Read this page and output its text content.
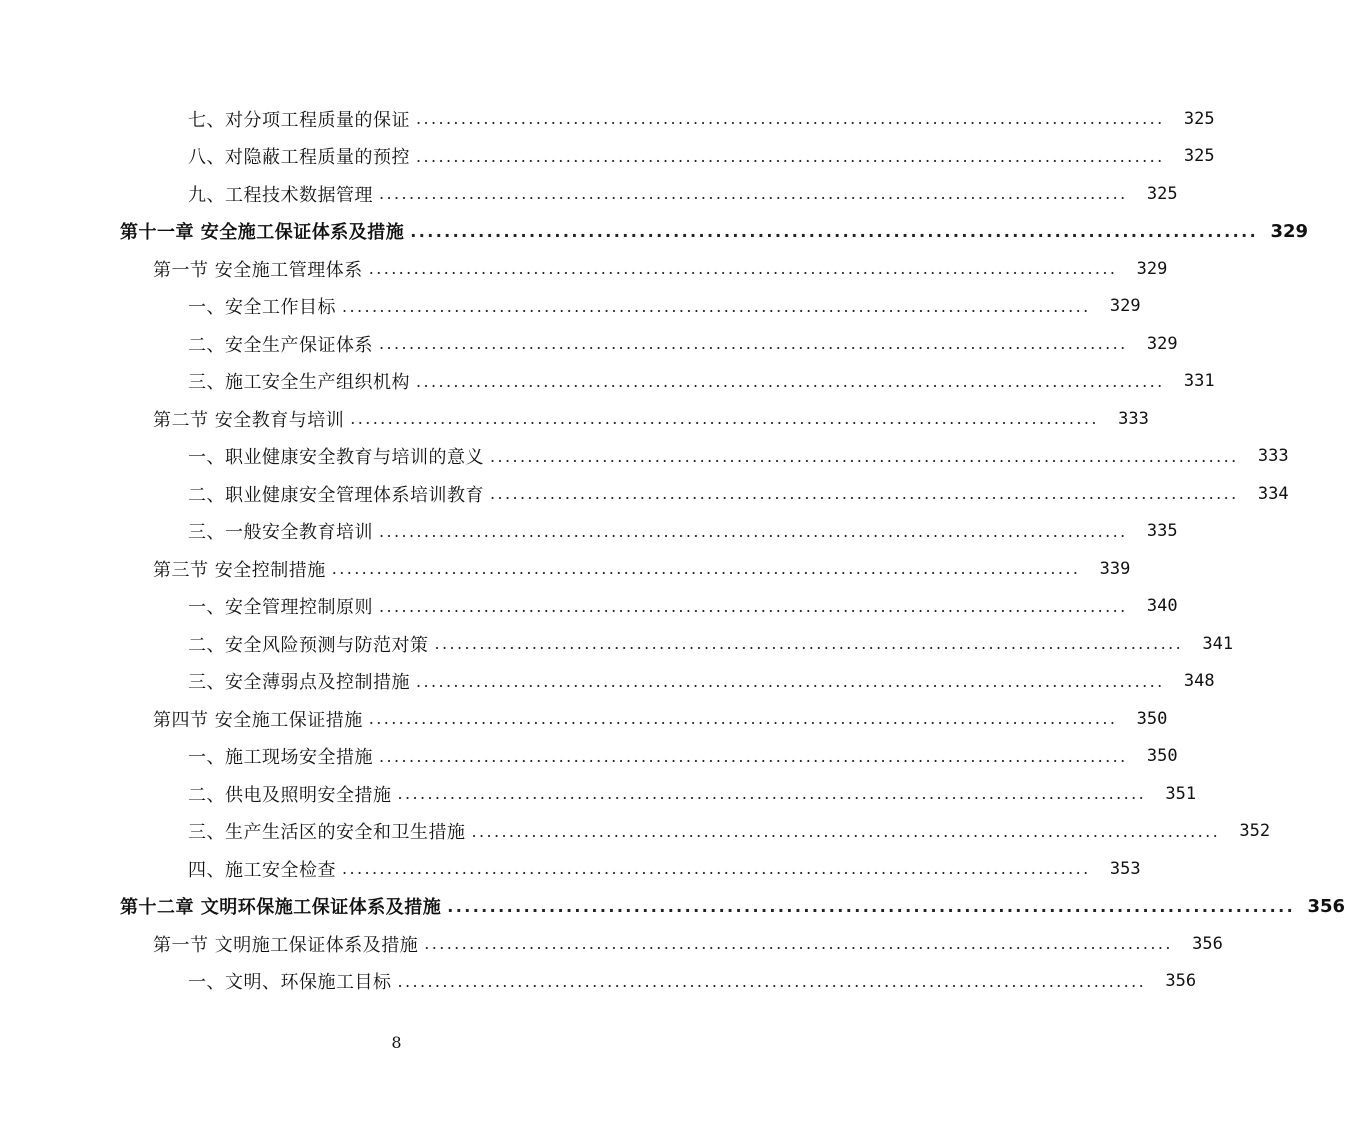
七、对分项工程质量的保证 ....................................................................................................	325
八、对隐蔽工程质量的预控 ....................................................................................................	325
九、工程技术数据管理 ....................................................................................................	325
第十一章 安全施工保证体系及措施 .................................................................................................... 329
第一节 安全施工管理体系 ....................................................................................................	329
一、安全工作目标 ....................................................................................................	329
二、安全生产保证体系 ....................................................................................................	329
三、施工安全生产组织机构 ....................................................................................................	331
第二节 安全教育与培训 ....................................................................................................	333
一、职业健康安全教育与培训的意义 ....................................................................................................	333
二、职业健康安全管理体系培训教育 ....................................................................................................	334
三、一般安全教育培训 ....................................................................................................	335
第三节 安全控制措施 ....................................................................................................	339
一、安全管理控制原则 ....................................................................................................	340
二、安全风险预测与防范对策 ....................................................................................................	341
三、安全薄弱点及控制措施 ....................................................................................................	348
第四节 安全施工保证措施 ....................................................................................................	350
一、施工现场安全措施 ....................................................................................................	350
二、供电及照明安全措施 ....................................................................................................	351
三、生产生活区的安全和卫生措施 ....................................................................................................	352
四、施工安全检查 ....................................................................................................	353
第十二章 文明环保施工保证体系及措施 .................................................................................................... 356
第一节 文明施工保证体系及措施 ....................................................................................................	356
一、文明、环保施工目标 ....................................................................................................	356
8
